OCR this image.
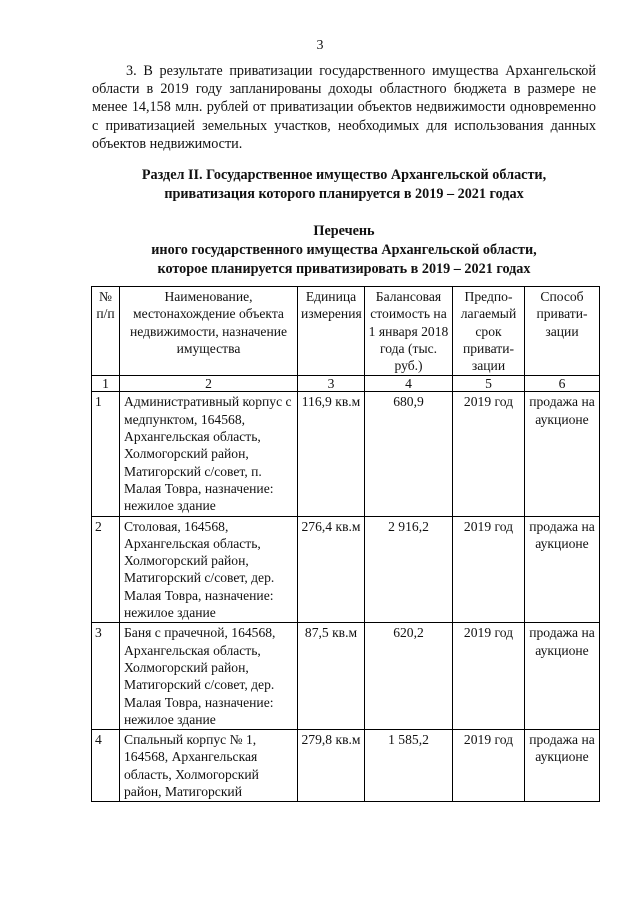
3
3. В результате приватизации государственного имущества Архангельской области в 2019 году запланированы доходы областного бюджета в размере не менее 14,158 млн. рублей от приватизации объектов недвижимости одновременно с приватизацией земельных участков, необходимых для использования данных объектов недвижимости.
Раздел II. Государственное имущество Архангельской области,
приватизация которого планируется в 2019 – 2021 годах
Перечень
иного государственного имущества Архангельской области,
которое планируется приватизировать в 2019 – 2021 годах
№ п/п	Наименование, местонахождение объекта недвижимости, назначение имущества	Единица измерения	Балансовая стоимость на 1 января 2018 года (тыс. руб.)	Предпо-лагаемый срок привати-зации	Способ привати-зации
1	2	3	4	5	6
1	Административный корпус с медпунктом, 164568, Архангельская область, Холмогорский район, Матигорский с/совет, п. Малая Товра, назначение: нежилое здание	116,9 кв.м	680,9	2019 год	продажа на аукционе
2	Столовая, 164568, Архангельская область, Холмогорский район, Матигорский с/совет, дер. Малая Товра, назначение: нежилое здание	276,4 кв.м	2 916,2	2019 год	продажа на аукционе
3	Баня с прачечной, 164568, Архангельская область, Холмогорский район, Матигорский с/совет, дер. Малая Товра, назначение: нежилое здание	87,5 кв.м	620,2	2019 год	продажа на аукционе
4	Спальный корпус № 1, 164568, Архангельская область, Холмогорский район, Матигорский	279,8 кв.м	1 585,2	2019 год	продажа на аукционе
